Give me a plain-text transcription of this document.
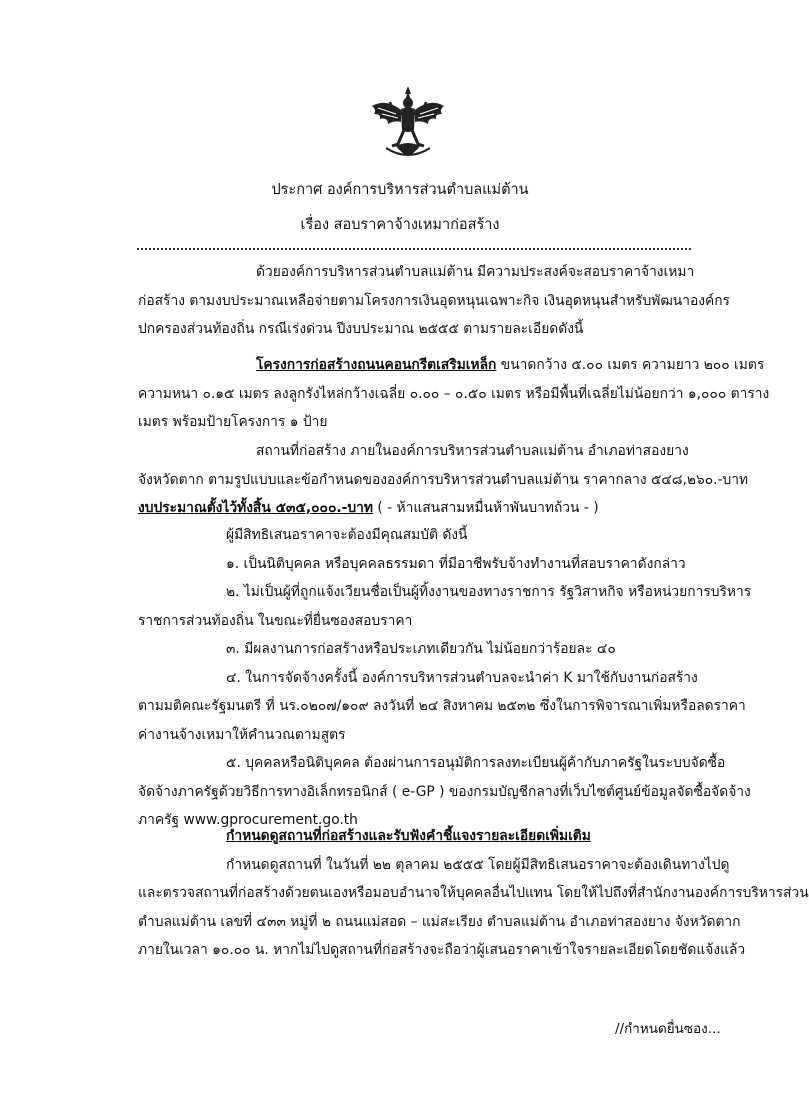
ประกาศ องค์การบริหารส่วนตำบลแม่ต้าน
เรื่อง สอบราคาจ้างเหมาก่อสร้าง

ด้วยองค์การบริหารส่วนตำบลแม่ต้าน มีความประสงค์จะสอบราคาจ้างเหมา

ก่อสร้าง ตามงบประมาณเหลือจ่ายตามโครงการเงินอุดหนุนเฉพาะกิจ เงินอุดหนุนสำหรับพัฒนาองค์กร

ปกครองส่วนท้องถิ่น กรณีเร่งด่วน ปีงบประมาณ ๒๕๕๕ ตามรายละเอียดดังนี้

โครงการก่อสร้างถนนคอนกรีตเสริมเหล็ก ขนาดกว้าง ๕.๐๐ เมตร ความยาว ๒๐๐ เมตร

ความหนา ๐.๑๕ เมตร ลงลูกรังไหล่กว้างเฉลี่ย ๐.๐๐ – ๐.๕๐ เมตร หรือมีพื้นที่เฉลี่ยไม่น้อยกว่า ๑,๐๐๐ ตาราง

เมตร พร้อมป้ายโครงการ ๑ ป้าย

สถานที่ก่อสร้าง ภายในองค์การบริหารส่วนตำบลแม่ต้าน อำเภอท่าสองยาง

จังหวัดตาก ตามรูปแบบและข้อกำหนดขององค์การบริหารส่วนตำบลแม่ต้าน ราคากลาง ๕๔๘,๒๖๐.-บาท

งบประมาณตั้งไว้ทั้งสิ้น ๕๓๕,๐๐๐.-บาท ( - ห้าแสนสามหมื่นห้าพันบาทถ้วน - )

ผู้มีสิทธิเสนอราคาจะต้องมีคุณสมบัติ ดังนี้

๑. เป็นนิติบุคคล หรือบุคคลธรรมดา ที่มีอาชีพรับจ้างทำงานที่สอบราคาดังกล่าว

๒. ไม่เป็นผู้ที่ถูกแจ้งเวียนชื่อเป็นผู้ทิ้งงานของทางราชการ รัฐวิสาหกิจ หรือหน่วยการบริหาร

ราชการส่วนท้องถิ่น ในขณะที่ยื่นซองสอบราคา

๓. มีผลงานการก่อสร้างหรือประเภทเดียวกัน ไม่น้อยกว่าร้อยละ ๔๐

๔. ในการจัดจ้างครั้งนี้ องค์การบริหารส่วนตำบลจะนำค่า K มาใช้กับงานก่อสร้าง

ตามมติคณะรัฐมนตรี ที่ นร.๐๒๐๗/๑๐๙ ลงวันที่ ๒๔ สิงหาคม ๒๕๓๒ ซึ่งในการพิจารณาเพิ่มหรือลดราคา

ค่างานจ้างเหมาให้คำนวณตามสูตร

๕. บุคคลหรือนิติบุคคล ต้องผ่านการอนุมัติการลงทะเบียนผู้ค้ากับภาครัฐในระบบจัดซื้อ

จัดจ้างภาครัฐด้วยวิธีการทางอิเล็กทรอนิกส์ ( e-GP ) ของกรมบัญชีกลางที่เว็บไซต์ศูนย์ข้อมูลจัดซื้อจัดจ้าง

ภาครัฐ www.gprocurement.go.th

กำหนดดูสถานที่ก่อสร้างและรับฟังคำชี้แจงรายละเอียดเพิ่มเติม

กำหนดดูสถานที่ ในวันที่ ๒๒ ตุลาคม ๒๕๕๕ โดยผู้มีสิทธิเสนอราคาจะต้องเดินทางไปดู

และตรวจสถานที่ก่อสร้างด้วยตนเองหรือมอบอำนาจให้บุคคลอื่นไปแทน โดยให้ไปถึงที่สำนักงานองค์การบริหารส่วน

ตำบลแม่ต้าน เลขที่ ๔๓๓ หมู่ที่ ๒ ถนนแม่สอด – แม่สะเรียง ตำบลแม่ต้าน อำเภอท่าสองยาง จังหวัดตาก

ภายในเวลา ๑๐.๐๐ น. หากไม่ไปดูสถานที่ก่อสร้างจะถือว่าผู้เสนอราคาเข้าใจรายละเอียดโดยชัดแจ้งแล้ว

//กำหนดยื่นซอง...
